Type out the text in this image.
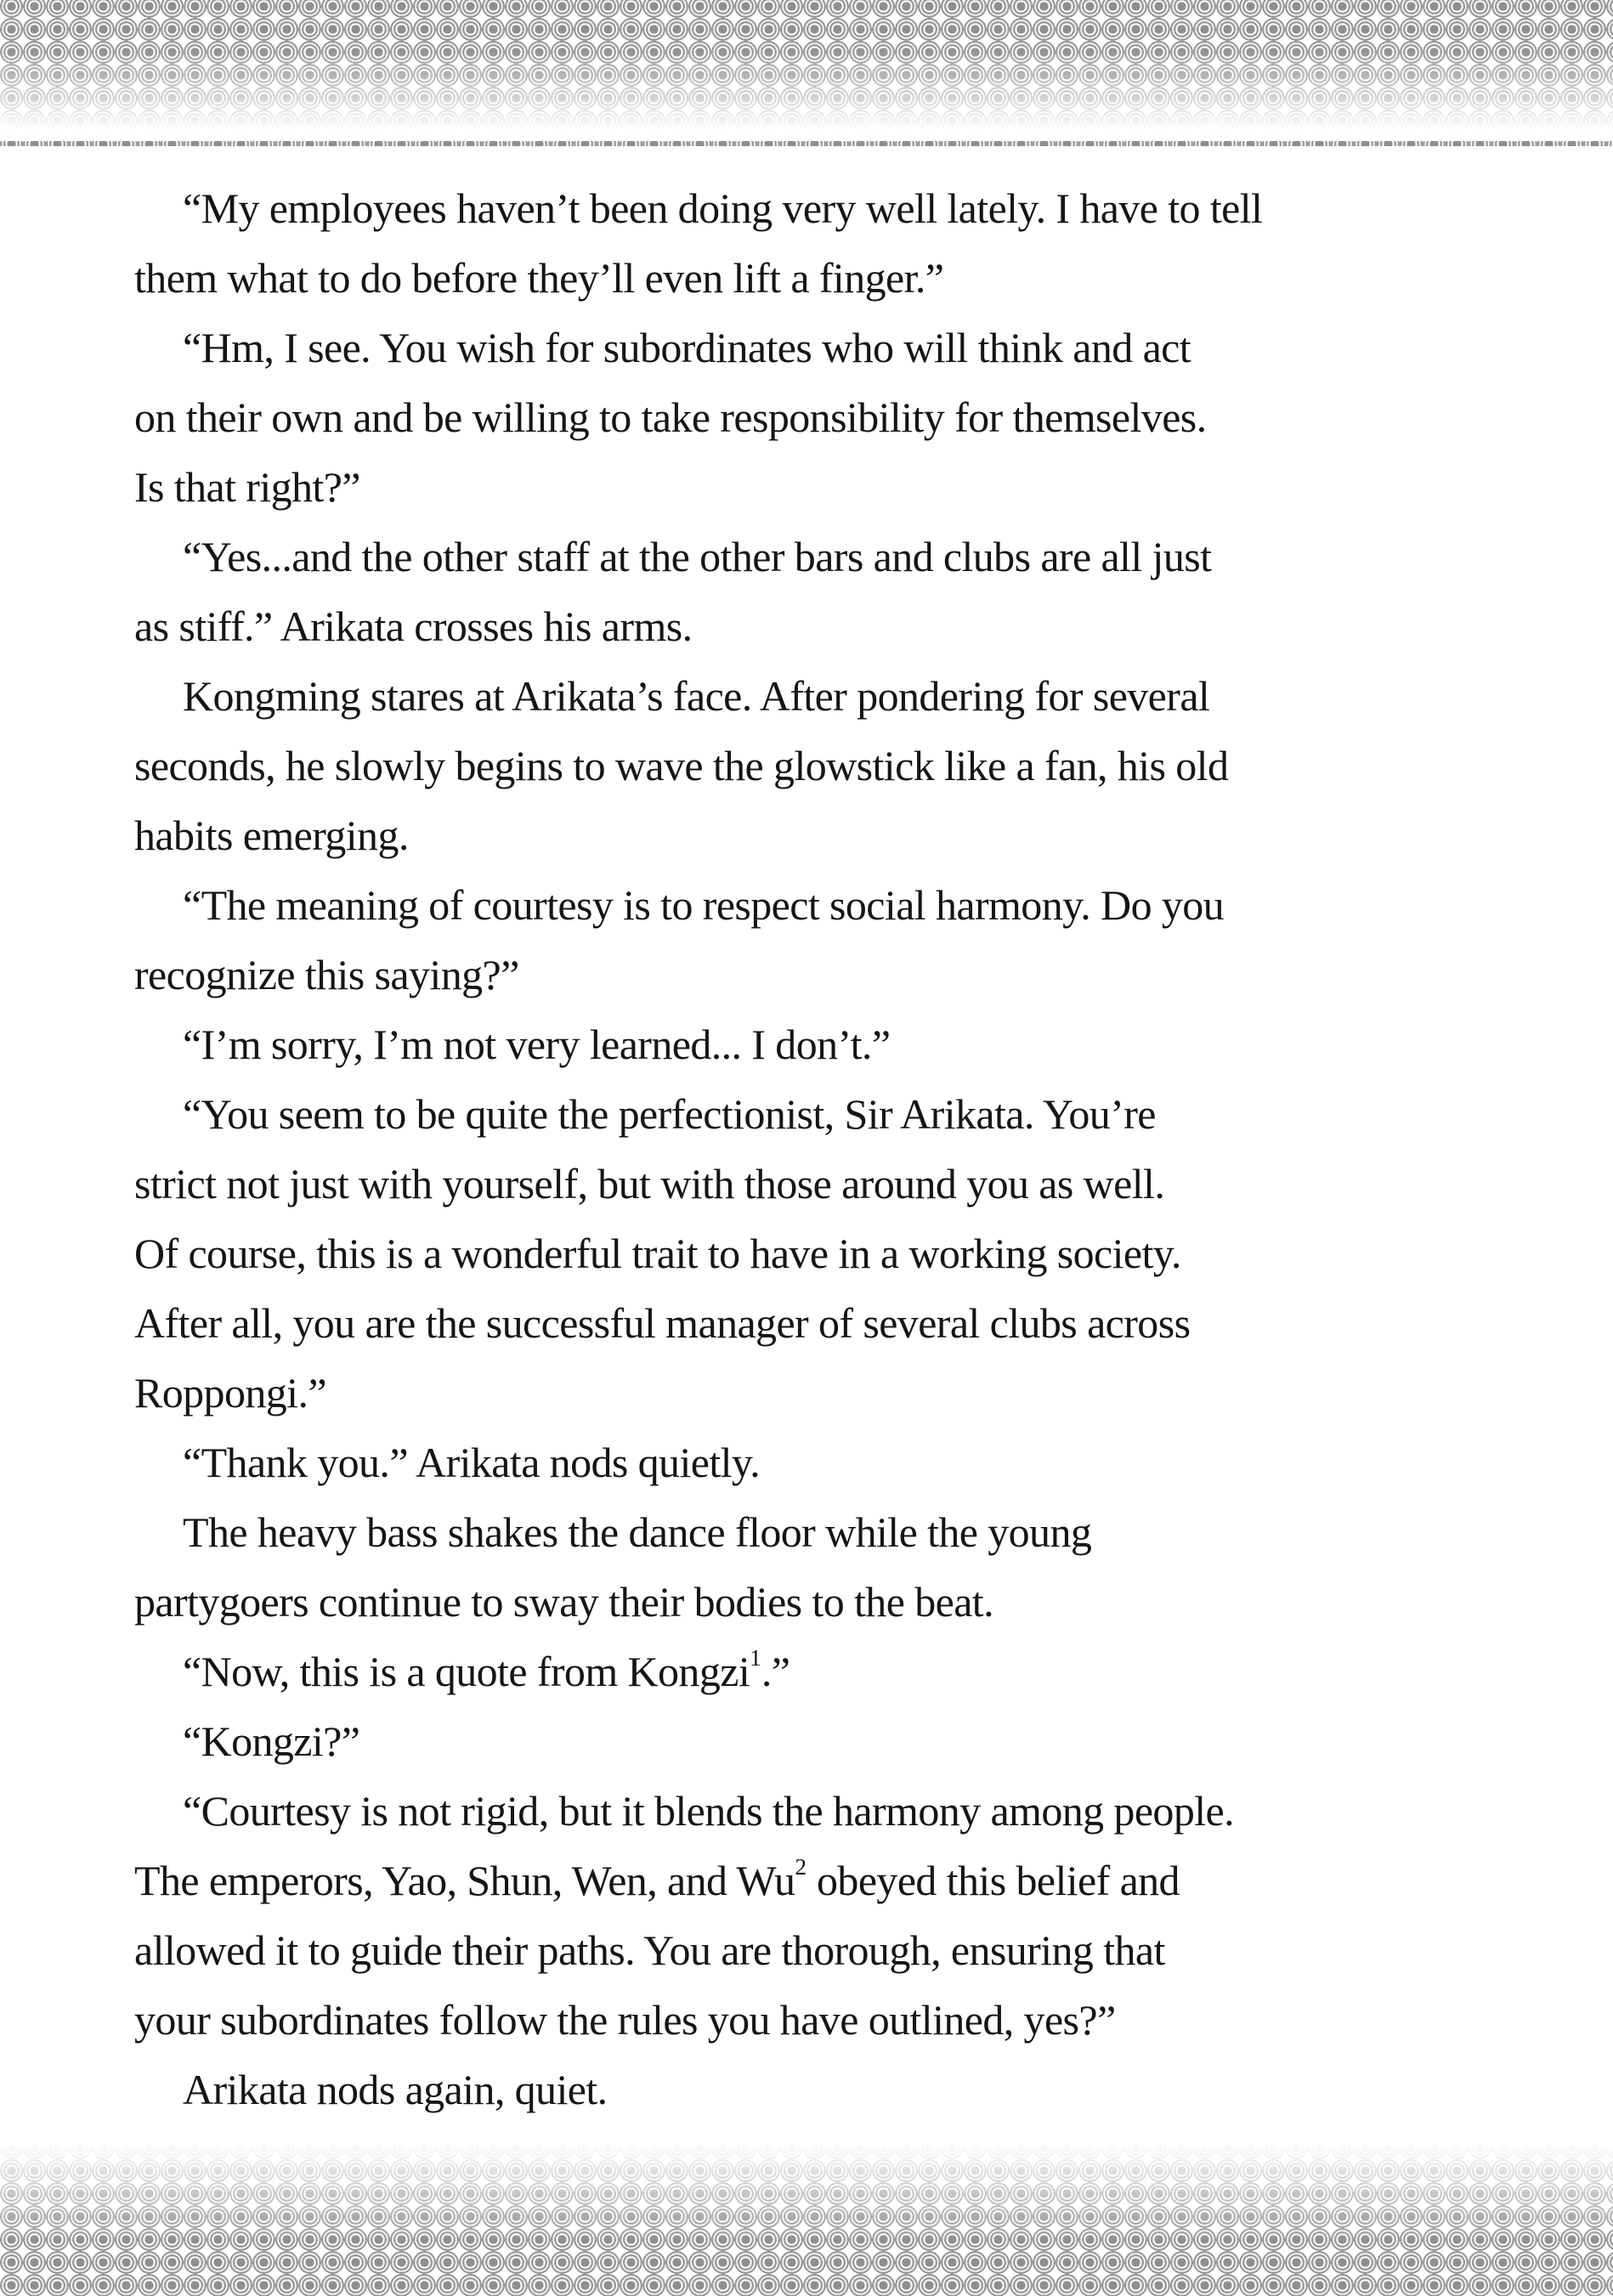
“My employees haven’t been doing very well lately. I have to tell
them what to do before they’ll even lift a finger.”

“Hm, I see. You wish for subordinates who will think and act
on their own and be willing to take responsibility for themselves.
Is that right?”

“Yes...and the other staff at the other bars and clubs are all just
as stiff.” Arikata crosses his arms.

Kongming stares at Arikata’s face. After pondering for several
seconds, he slowly begins to wave the glowstick like a fan, his old
habits emerging.

“The meaning of courtesy is to respect social harmony. Do you
recognize this saying?”

“I’m sorry, I’m not very learned... I don’t.”

“You seem to be quite the perfectionist, Sir Arikata. You’re
strict not just with yourself, but with those around you as well.
Of course, this is a wonderful trait to have in a working society.
After all, you are the successful manager of several clubs across
Roppongi.”

“Thank you.” Arikata nods quietly.

The heavy bass shakes the dance floor while the young
partygoers continue to sway their bodies to the beat.

“Now, this is a quote from Kongzi$^1$.”

“Kongzi?”

“Courtesy is not rigid, but it blends the harmony among people.
The emperors, Yao, Shun, Wen, and Wu$^2$ obeyed this belief and
allowed it to guide their paths. You are thorough, ensuring that
your subordinates follow the rules you have outlined, yes?”

Arikata nods again, quiet.
